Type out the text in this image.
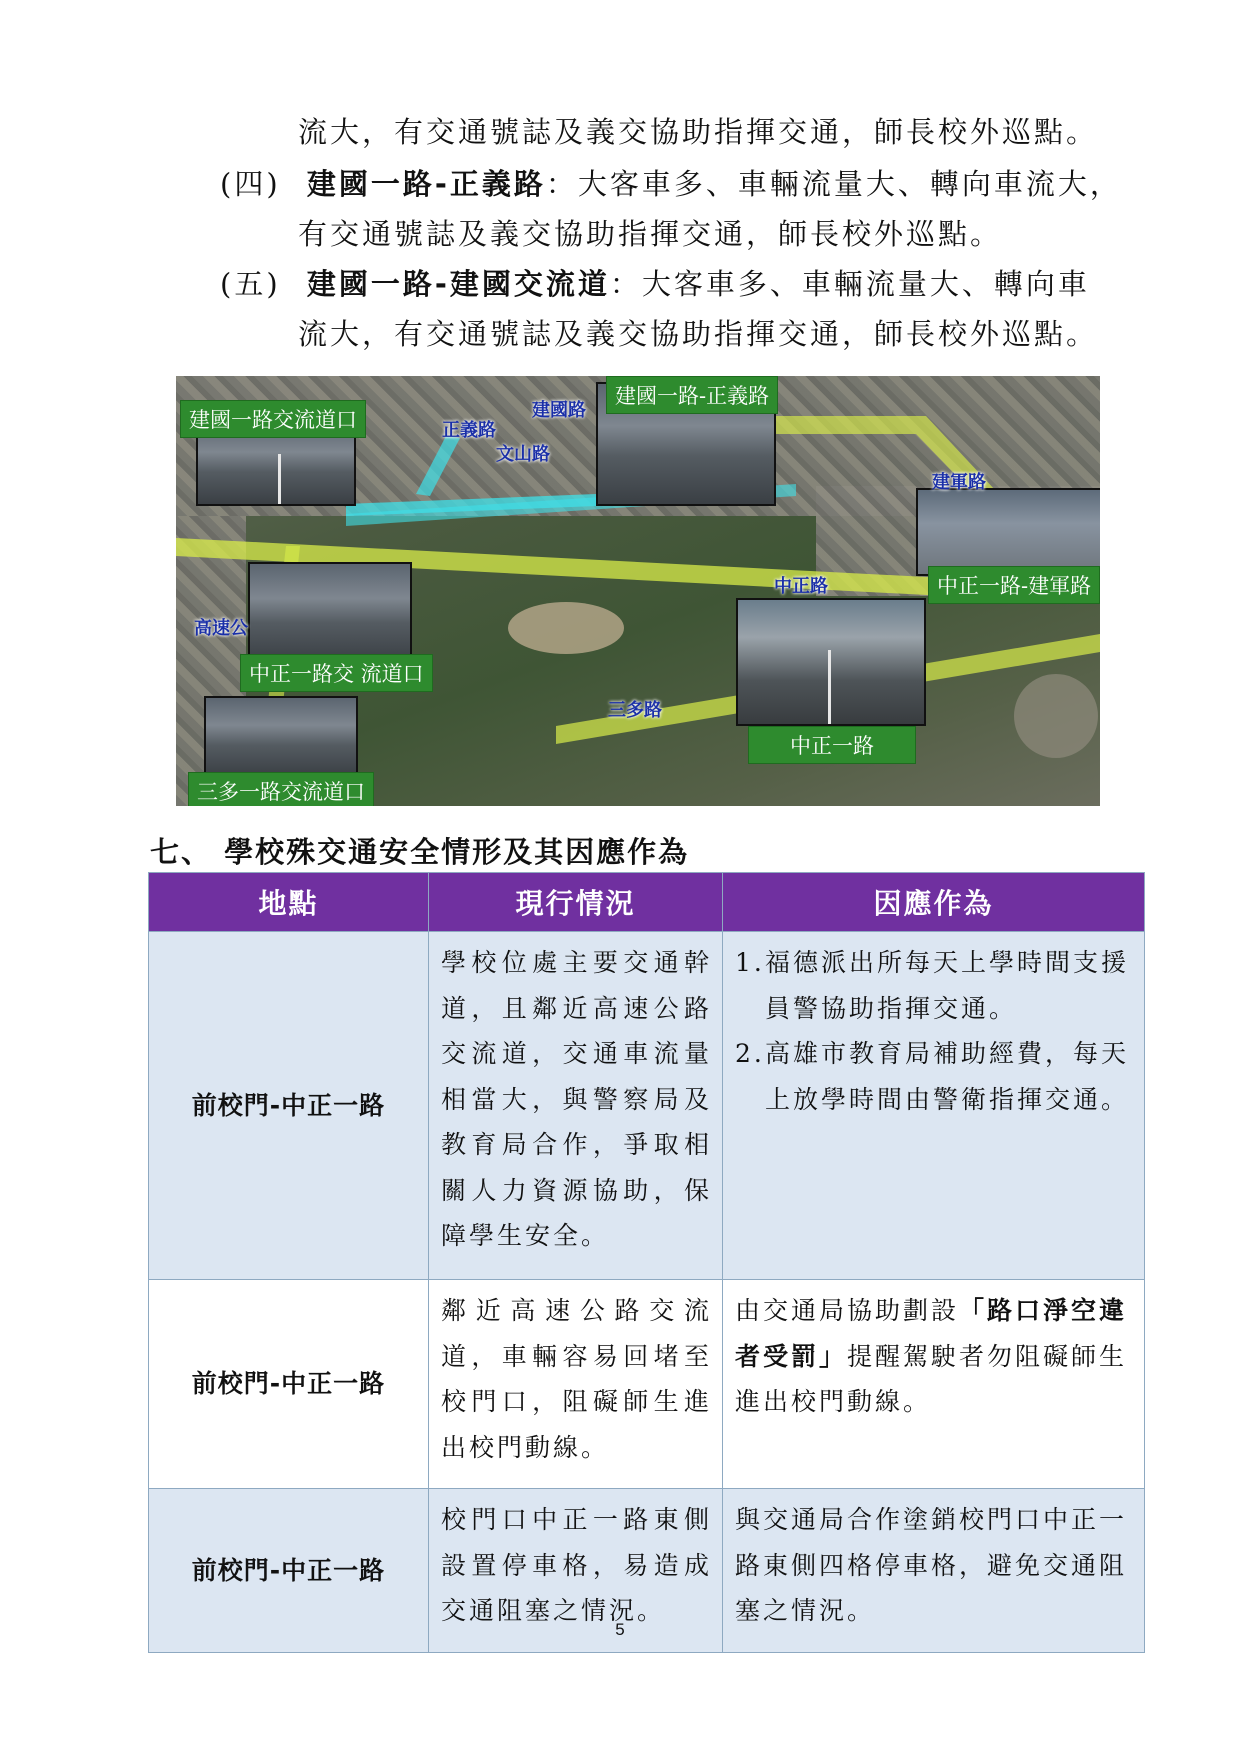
流大，有交通號誌及義交協助指揮交通，師長校外巡點。
(四) 建國一路-正義路：大客車多、車輛流量大、轉向車流大，
有交通號誌及義交協助指揮交通，師長校外巡點。
(五) 建國一路-建國交流道：大客車多、車輛流量大、轉向車
流大，有交通號誌及義交協助指揮交通，師長校外巡點。
建國一路交流道口
建國一路-正義路
中正一路-建軍路
中正一路交 流道口
中正一路
三多一路交流道口
建國路
正義路
文山路
建軍路
中正路
高速公
三多路
七、 學校殊交通安全情形及其因應作為
地點	現行情況	因應作為
前校門-中正一路	學校位處主要交通幹道，且鄰近高速公路交流道，交通車流量相當大，與警察局及教育局合作，爭取相關人力資源協助，保障學生安全。	1.福德派出所每天上學時間支援員警協助指揮交通。
2.高雄市教育局補助經費，每天上放學時間由警衛指揮交通。

前校門-中正一路	鄰近高速公路交流道，車輛容易回堵至校門口，阻礙師生進出校門動線。	由交通局協助劃設「路口淨空違者受罰」提醒駕駛者勿阻礙師生進出校門動線。
前校門-中正一路	校門口中正一路東側設置停車格，易造成交通阻塞之情況。	與交通局合作塗銷校門口中正一路東側四格停車格，避免交通阻塞之情況。
5
